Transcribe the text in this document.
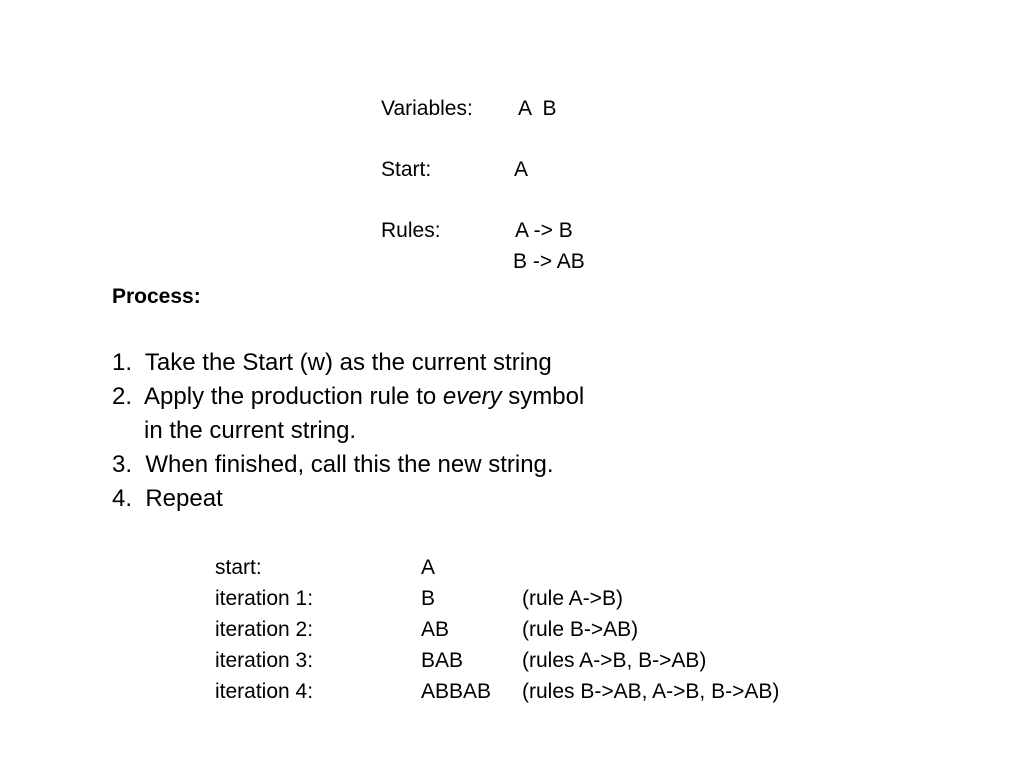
Variables: A  B
Start:	A
Rules:	A -> B
B -> AB
Process:
1.  Take the Start (w) as the current string
2.  Apply the production rule to every symbol
in the current string.
3.  When finished, call this the new string.
4.  Repeat
start:	A
iteration 1:	B	(rule A->B)
iteration 2:	AB	(rule B->AB)
iteration 3:	BAB	(rules A->B, B->AB)
iteration 4:	ABBAB (rules B->AB, A->B, B->AB)
